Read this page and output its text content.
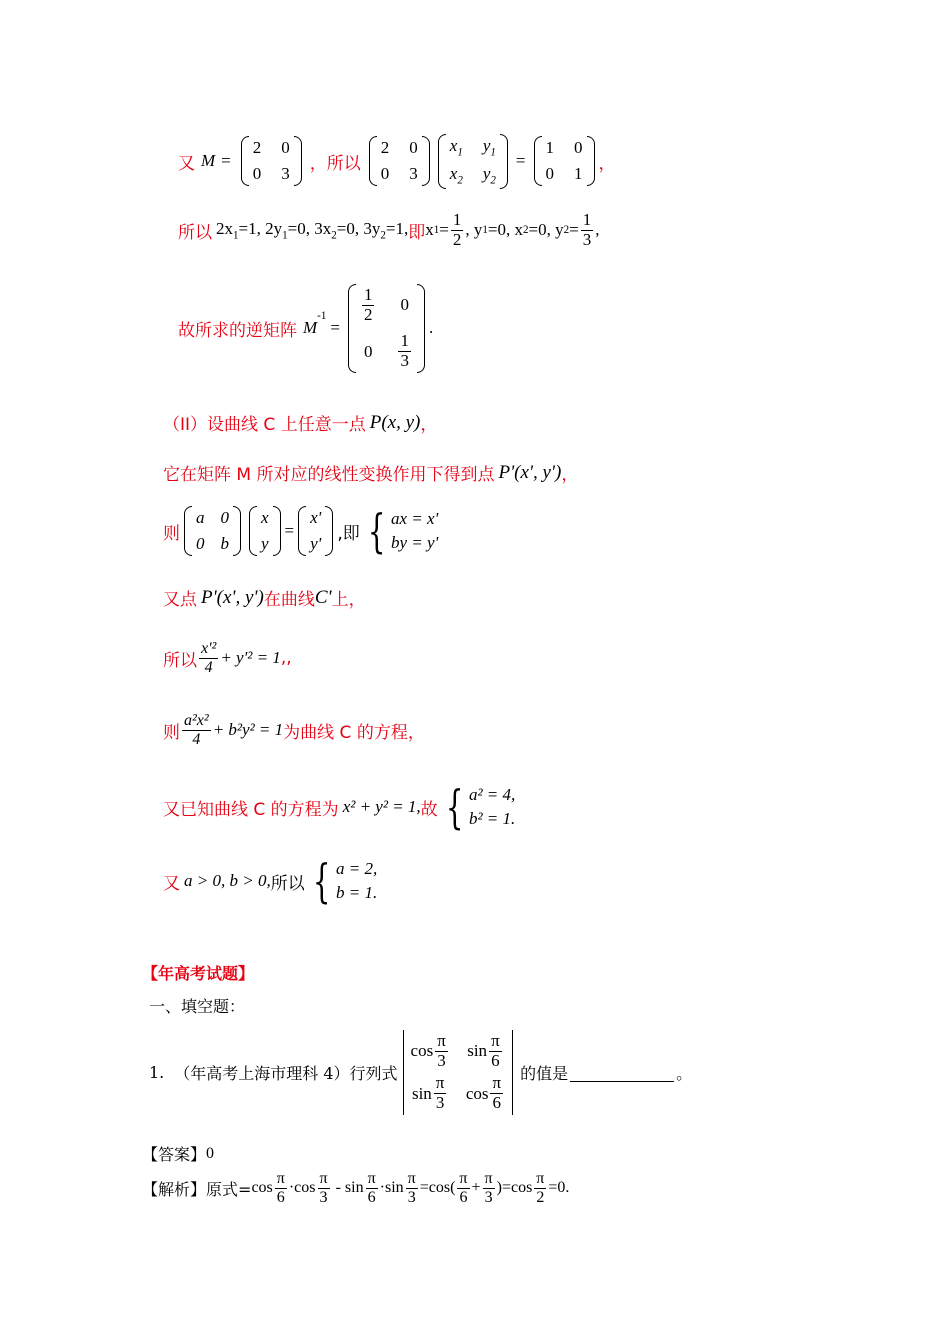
又 M =
2 0
0 3 ，所以
2 0
0 3
$x_1$ $y_1$
$x_2$ $y_2$
=
1 0
0 1 ，
所以 $2x_1=1$, $2y_1=0$, $3x_2=0$, $3y_2=1$, 即 x $1 = \frac{1}{2}$ , y 1 =0, x 2 =0, y $2 = \frac{1}{3}$ ,
故所求的逆矩阵 M
$^{-1}$
=
$\frac{1}{2} 0$
$0 \frac{1}{3}$
.
（II）设曲线 C 上任意一点 P (x, y) ，
它在矩阵 M 所对应的线性变换作用下得到点 P' (x', y') ，
则
a 0
0 b
x
y
=
x'
y' ,即 { ax = x'
by = y'
又点 P' (x', y') 在曲线 C' 上，
所以 $\frac{\text{x'²}}{4} + y'^2 = 1$ ,,
则 $\frac{\text{a²x²}}{4} + b^2y^2 = 1$ 为曲线 C 的方程，
又已知曲线 C 的方程为 x² + y² = 1, 故 { a² = 4,
b² = 1.
又 a > 0, b > 0, 所以 { a = 2,
b = 1.
【年高考试题】
一、填空题：
1. （年高考上海市理科 4）行列式
$\cos \frac{\pi}{3}$ $\sin \frac{\pi}{6}$
$\sin \frac{\pi}{3}$ $\cos \frac{\pi}{6}$
的值是	。
【答案】 0
【解析】 原式= $\cos \frac{\pi}{6} \cdot \cos \frac{\pi}{3} - \sin \frac{\pi}{6} \cdot \sin \frac{\pi}{3} = \cos$ ( $\frac{\pi}{6} + \frac{\pi}{3}$ ) = $\cos \frac{\pi}{2} =0$.
